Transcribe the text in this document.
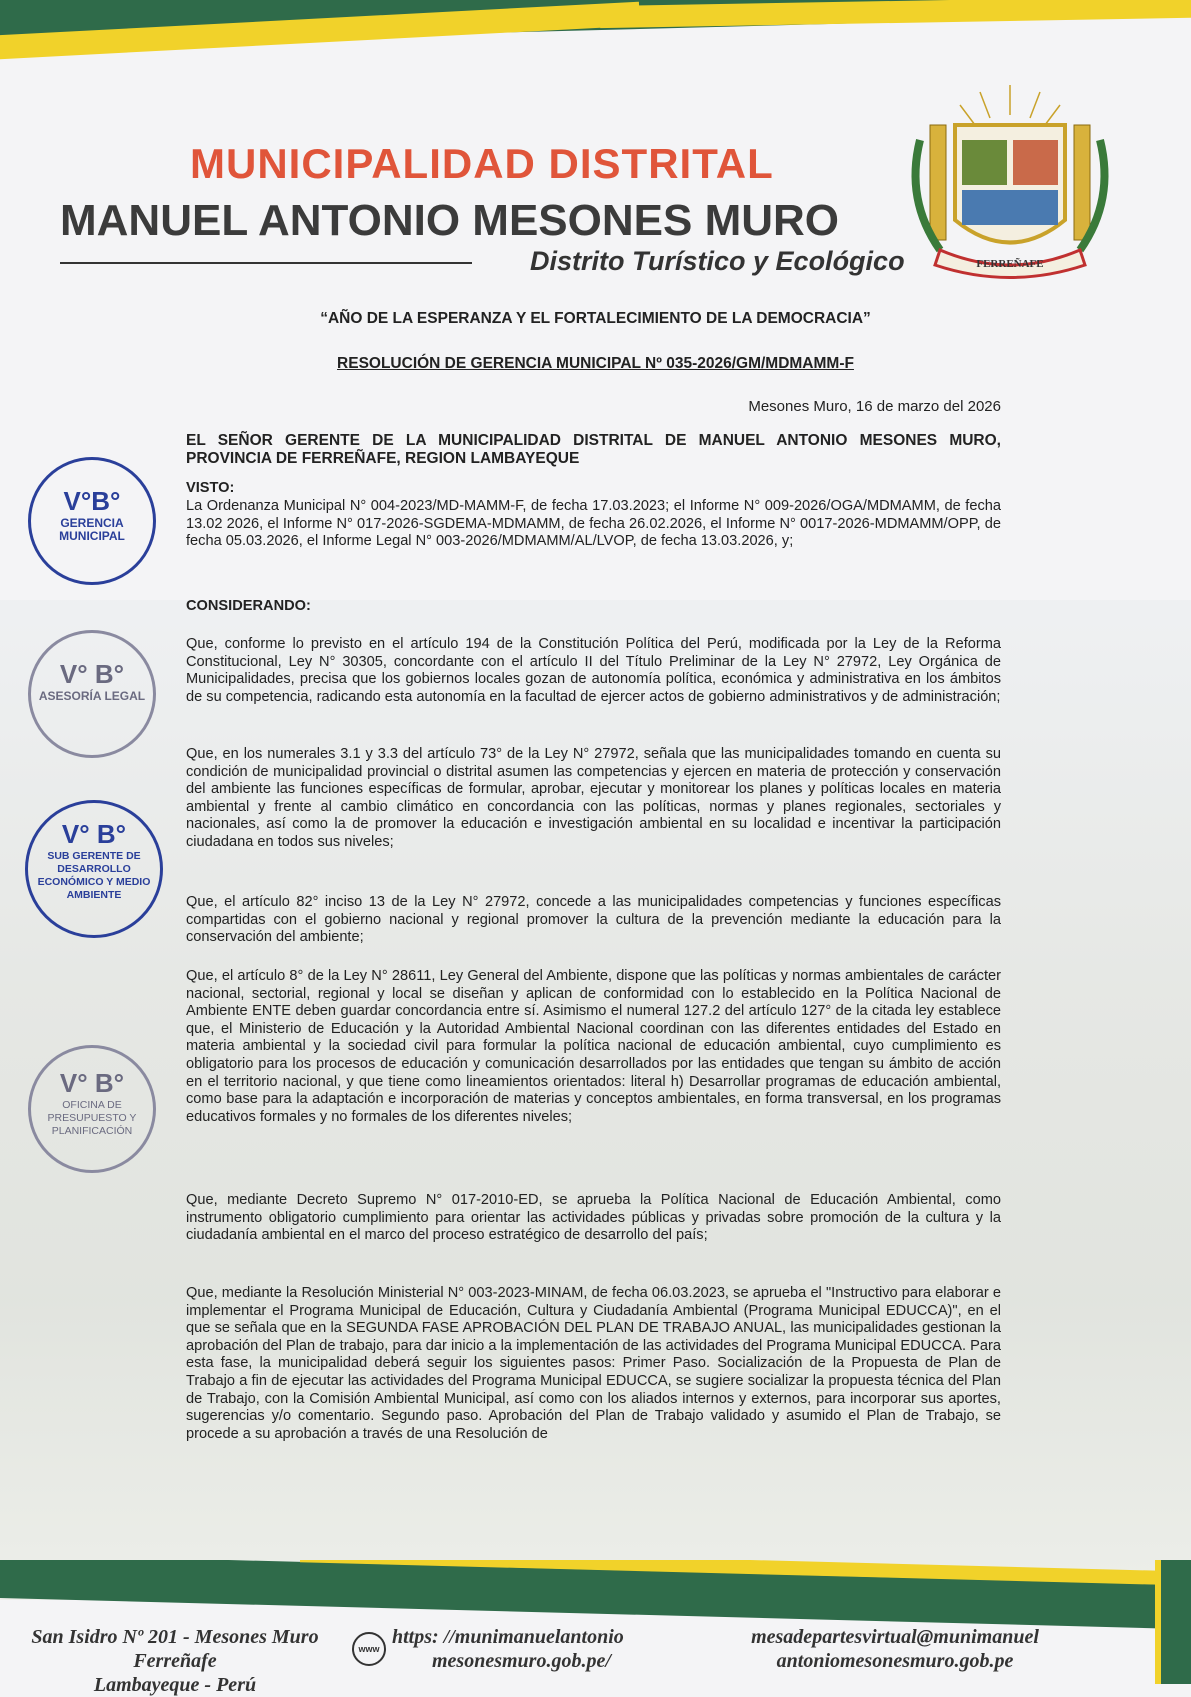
MUNICIPALIDAD DISTRITAL
MANUEL ANTONIO MESONES MURO
Distrito Turístico y Ecológico	FERREÑAFE
“AÑO DE LA ESPERANZA Y EL FORTALECIMIENTO DE LA DEMOCRACIA”
RESOLUCIÓN DE GERENCIA MUNICIPAL Nº 035-2026/GM/MDMAMM-F
Mesones Muro, 16 de marzo del 2026
EL SEÑOR GERENTE DE LA MUNICIPALIDAD DISTRITAL DE MANUEL ANTONIO MESONES MURO, PROVINCIA DE FERREÑAFE, REGION LAMBAYEQUE
VISTO:
La Ordenanza Municipal N° 004-2023/MD-MAMM-F, de fecha 17.03.2023; el Informe N° 009-2026/OGA/MDMAMM, de fecha 13.02 2026, el Informe N° 017-2026-SGDEMA-MDMAMM, de fecha 26.02.2026, el Informe N° 0017-2026-MDMAMM/OPP, de fecha 05.03.2026, el Informe Legal N° 003-2026/MDMAMM/AL/LVOP, de fecha 13.03.2026, y;
CONSIDERANDO:
Que, conforme lo previsto en el artículo 194 de la Constitución Política del Perú, modificada por la Ley de la Reforma Constitucional, Ley N° 30305, concordante con el artículo II del Título Preliminar de la Ley N° 27972, Ley Orgánica de Municipalidades, precisa que los gobiernos locales gozan de autonomía política, económica y administrativa en los ámbitos de su competencia, radicando esta autonomía en la facultad de ejercer actos de gobierno administrativos y de administración;
Que, en los numerales 3.1 y 3.3 del artículo 73° de la Ley N° 27972, señala que las municipalidades tomando en cuenta su condición de municipalidad provincial o distrital asumen las competencias y ejercen en materia de protección y conservación del ambiente las funciones específicas de formular, aprobar, ejecutar y monitorear los planes y políticas locales en materia ambiental y frente al cambio climático en concordancia con las políticas, normas y planes regionales, sectoriales y nacionales, así como la de promover la educación e investigación ambiental en su localidad e incentivar la participación ciudadana en todos sus niveles;
Que, el artículo 82° inciso 13 de la Ley N° 27972, concede a las municipalidades competencias y funciones específicas compartidas con el gobierno nacional y regional promover la cultura de la prevención mediante la educación para la conservación del ambiente;
Que, el artículo 8° de la Ley N° 28611, Ley General del Ambiente, dispone que las políticas y normas ambientales de carácter nacional, sectorial, regional y local se diseñan y aplican de conformidad con lo establecido en la Política Nacional de Ambiente ENTE deben guardar concordancia entre sí. Asimismo el numeral 127.2 del artículo 127° de la citada ley establece que, el Ministerio de Educación y la Autoridad Ambiental Nacional coordinan con las diferentes entidades del Estado en materia ambiental y la sociedad civil para formular la política nacional de educación ambiental, cuyo cumplimiento es obligatorio para los procesos de educación y comunicación desarrollados por las entidades que tengan su ámbito de acción en el territorio nacional, y que tiene como lineamientos orientados: literal h) Desarrollar programas de educación ambiental, como base para la adaptación e incorporación de materias y conceptos ambientales, en forma transversal, en los programas educativos formales y no formales de los diferentes niveles;
Que, mediante Decreto Supremo N° 017-2010-ED, se aprueba la Política Nacional de Educación Ambiental, como instrumento obligatorio cumplimiento para orientar las actividades públicas y privadas sobre promoción de la cultura y la ciudadanía ambiental en el marco del proceso estratégico de desarrollo del país;
Que, mediante la Resolución Ministerial N° 003-2023-MINAM, de fecha 06.03.2023, se aprueba el "Instructivo para elaborar e implementar el Programa Municipal de Educación, Cultura y Ciudadanía Ambiental (Programa Municipal EDUCCA)", en el que se señala que en la SEGUNDA FASE APROBACIÓN DEL PLAN DE TRABAJO ANUAL, las municipalidades gestionan la aprobación del Plan de trabajo, para dar inicio a la implementación de las actividades del Programa Municipal EDUCCA. Para esta fase, la municipalidad deberá seguir los siguientes pasos: Primer Paso. Socialización de la Propuesta de Plan de Trabajo a fin de ejecutar las actividades del Programa Municipal EDUCCA, se sugiere socializar la propuesta técnica del Plan de Trabajo, con la Comisión Ambiental Municipal, así como con los aliados internos y externos, para incorporar sus aportes, sugerencias y/o comentario. Segundo paso. Aprobación del Plan de Trabajo validado y asumido el Plan de Trabajo, se procede a su aprobación a través de una Resolución de
V°B°
GERENCIA MUNICIPAL
V° B°
ASESORÍA LEGAL
V° B°
SUB GERENTE DE DESARROLLO ECONÓMICO Y MEDIO AMBIENTE
V° B°
OFICINA DE PRESUPUESTO Y PLANIFICACIÓN
San Isidro Nº 201 - Mesones Muro
Ferreñafe
Lambayeque - Perú
www
https: //munimanuelantonio
mesonesmuro.gob.pe/
mesadepartesvirtual@munimanuel
antoniomesonesmuro.gob.pe
